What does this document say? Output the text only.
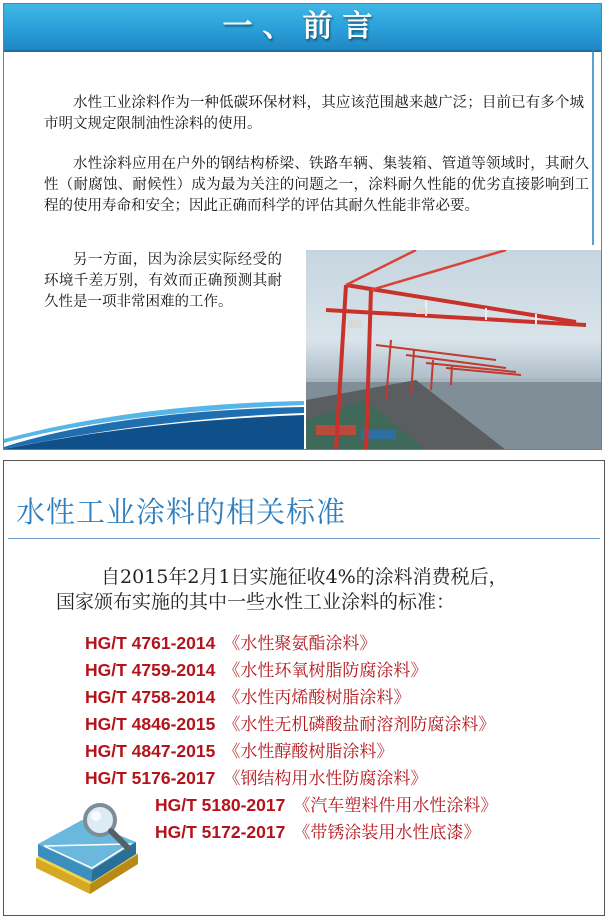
一、前言

水性工业涂料作为一种低碳环保材料，其应该范围越来越广泛；目前已有多个城市明文规定限制油性涂料的使用。

水性涂料应用在户外的钢结构桥梁、铁路车辆、集装箱、管道等领域时，其耐久性（耐腐蚀、耐候性）成为最为关注的问题之一，涂料耐久性能的优劣直接影响到工程的使用寿命和安全；因此正确而科学的评估其耐久性能非常必要。

另一方面，因为涂层实际经受的环境千差万别，有效而正确预测其耐久性是一项非常困难的工作。

水性工业涂料的相关标准
自2015年2月1日实施征收4%的涂料消费税后，
国家颁布实施的其中一些水性工业涂料的标准：
HG/T 4761-2014 《水性聚氨酯涂料》
HG/T 4759-2014 《水性环氧树脂防腐涂料》
HG/T 4758-2014 《水性丙烯酸树脂涂料》
HG/T 4846-2015 《水性无机磷酸盐耐溶剂防腐涂料》
HG/T 4847-2015 《水性醇酸树脂涂料》
HG/T 5176-2017 《钢结构用水性防腐涂料》
HG/T 5180-2017 《汽车塑料件用水性涂料》
HG/T 5172-2017 《带锈涂装用水性底漆》
